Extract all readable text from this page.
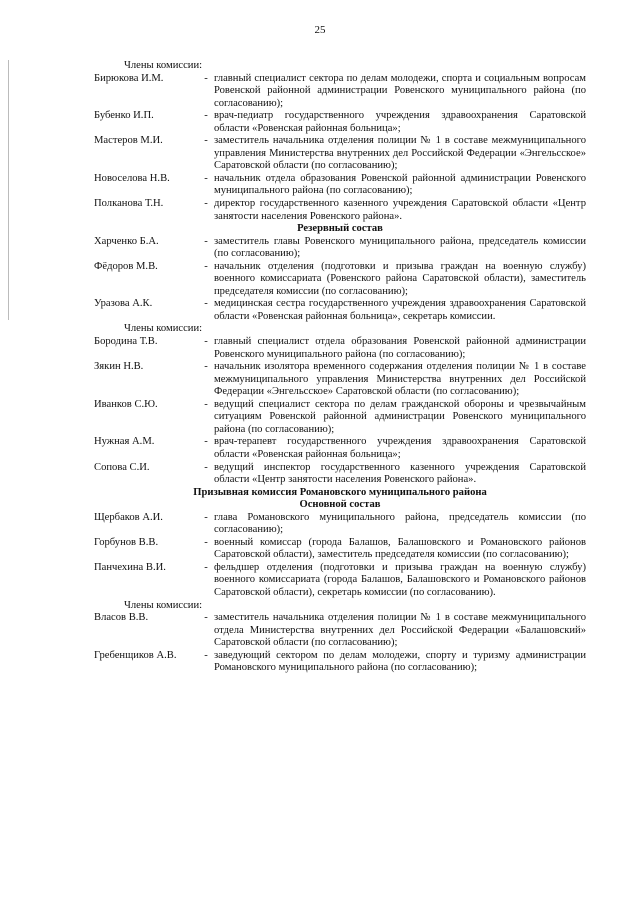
25
Члены комиссии:
Бирюкова И.М.	- главный специалист сектора по делам молодежи, спорта и социальным вопросам Ровенской районной администрации Ровенского муниципального района (по согласованию);
Бубенко И.П.	- врач-педиатр государственного учреждения здравоохранения Саратовской области «Ровенская районная больница»;
Мастеров М.И.	- заместитель начальника отделения полиции № 1 в составе межмуниципального управления Министерства внутренних дел Российской Федерации «Энгельсское» Саратовской области (по согласованию);
Новоселова Н.В.	- начальник отдела образования Ровенской районной администрации Ровенского муниципального района (по согласованию);
Полканова Т.Н.	- директор государственного казенного учреждения Саратовской области «Центр занятости населения Ровенского района».
Резервный состав
Харченко Б.А.	- заместитель главы Ровенского муниципального района, председатель комиссии (по согласованию);
Фёдоров М.В.	- начальник отделения (подготовки и призыва граждан на военную службу) военного комиссариата (Ровенского района Саратовской области), заместитель председателя комиссии (по согласованию);
Уразова А.К.	- медицинская сестра государственного учреждения здравоохранения Саратовской области «Ровенская районная больница», секретарь комиссии.
Члены комиссии:
Бородина Т.В.	- главный специалист отдела образования Ровенской районной администрации Ровенского муниципального района (по согласованию);
Зякин Н.В.	- начальник изолятора временного содержания отделения полиции № 1 в составе межмуниципального управления Министерства внутренних дел Российской Федерации «Энгельсское» Саратовской области (по согласованию);
Иванков С.Ю.	- ведущий специалист сектора по делам гражданской обороны и чрезвычайным ситуациям Ровенской районной администрации Ровенского муниципального района (по согласованию);
Нужная А.М.	- врач-терапевт государственного учреждения здравоохранения Саратовской области «Ровенская районная больница»;
Сопова С.И.	- ведущий инспектор государственного казенного учреждения Саратовской области «Центр занятости населения Ровенского района».
Призывная комиссия Романовского муниципального района
Основной состав
Щербаков А.И.	- глава Романовского муниципального района, председатель комиссии (по согласованию);
Горбунов В.В.	- военный комиссар (города Балашов, Балашовского и Романовского районов Саратовской области), заместитель председателя комиссии (по согласованию);
Панчехина В.И.	- фельдшер отделения (подготовки и призыва граждан на военную службу) военного комиссариата (города Балашов, Балашовского и Романовского районов Саратовской области), секретарь комиссии (по согласованию).
Члены комиссии:
Власов В.В.	- заместитель начальника отделения полиции № 1 в составе межмуниципального отдела Министерства внутренних дел Российской Федерации «Балашовский» Саратовской области (по согласованию);
Гребенщиков А.В.	- заведующий сектором по делам молодежи, спорту и туризму администрации Романовского муниципального района (по согласованию);
